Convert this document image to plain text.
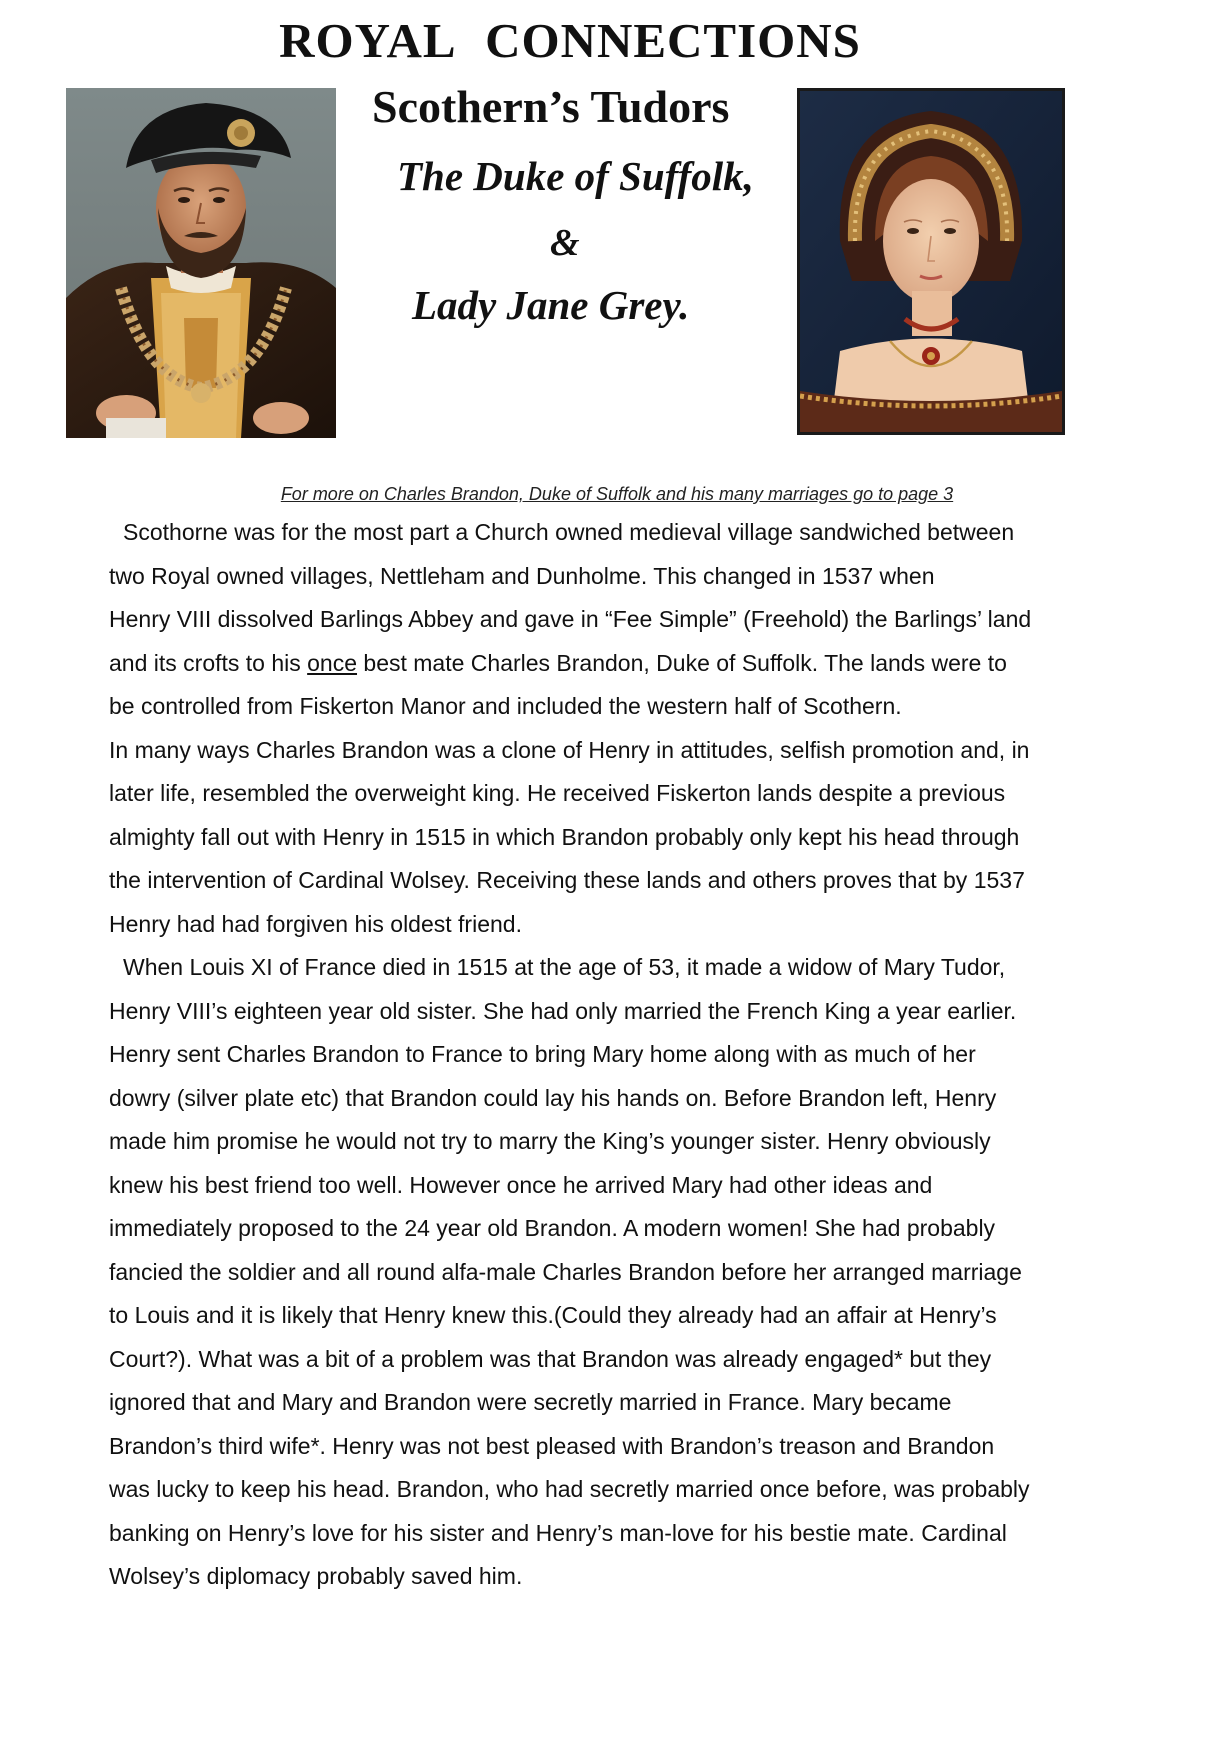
ROYAL CONNECTIONS
Scothern’s Tudors
The Duke of Suffolk,
&
Lady Jane Grey.

For more on Charles Brandon, Duke of Suffolk and his many marriages go to page 3

Scothorne was for the most part a Church owned medieval village sandwiched between
two Royal owned villages, Nettleham and Dunholme. This changed in 1537 when
Henry VIII dissolved Barlings Abbey and gave in “Fee Simple” (Freehold) the Barlings’ land
and its crofts to his once best mate Charles Brandon, Duke of Suffolk. The lands were to
be controlled from Fiskerton Manor and included the western half of Scothern.
In many ways Charles Brandon was a clone of Henry in attitudes, selfish promotion and, in
later life, resembled the overweight king. He received Fiskerton lands despite a previous
almighty fall out with Henry in 1515 in which Brandon probably only kept his head through
the intervention of Cardinal Wolsey. Receiving these lands and others proves that by 1537
Henry had had forgiven his oldest friend.
When Louis XI of France died in 1515 at the age of 53, it made a widow of Mary Tudor,
Henry VIII’s eighteen year old sister. She had only married the French King a year earlier.
Henry sent Charles Brandon to France to bring Mary home along with as much of her
dowry (silver plate etc) that Brandon could lay his hands on. Before Brandon left, Henry
made him promise he would not try to marry the King’s younger sister. Henry obviously
knew his best friend too well. However once he arrived Mary had other ideas and
immediately proposed to the 24 year old Brandon. A modern women! She had probably
fancied the soldier and all round alfa-male Charles Brandon before her arranged marriage
to Louis and it is likely that Henry knew this.(Could they already had an affair at Henry’s
Court?). What was a bit of a problem was that Brandon was already engaged* but they
ignored that and Mary and Brandon were secretly married in France. Mary became
Brandon’s third wife*. Henry was not best pleased with Brandon’s treason and Brandon
was lucky to keep his head. Brandon, who had secretly married once before, was probably
banking on Henry’s love for his sister and Henry’s man-love for his bestie mate. Cardinal
Wolsey’s diplomacy probably saved him.
